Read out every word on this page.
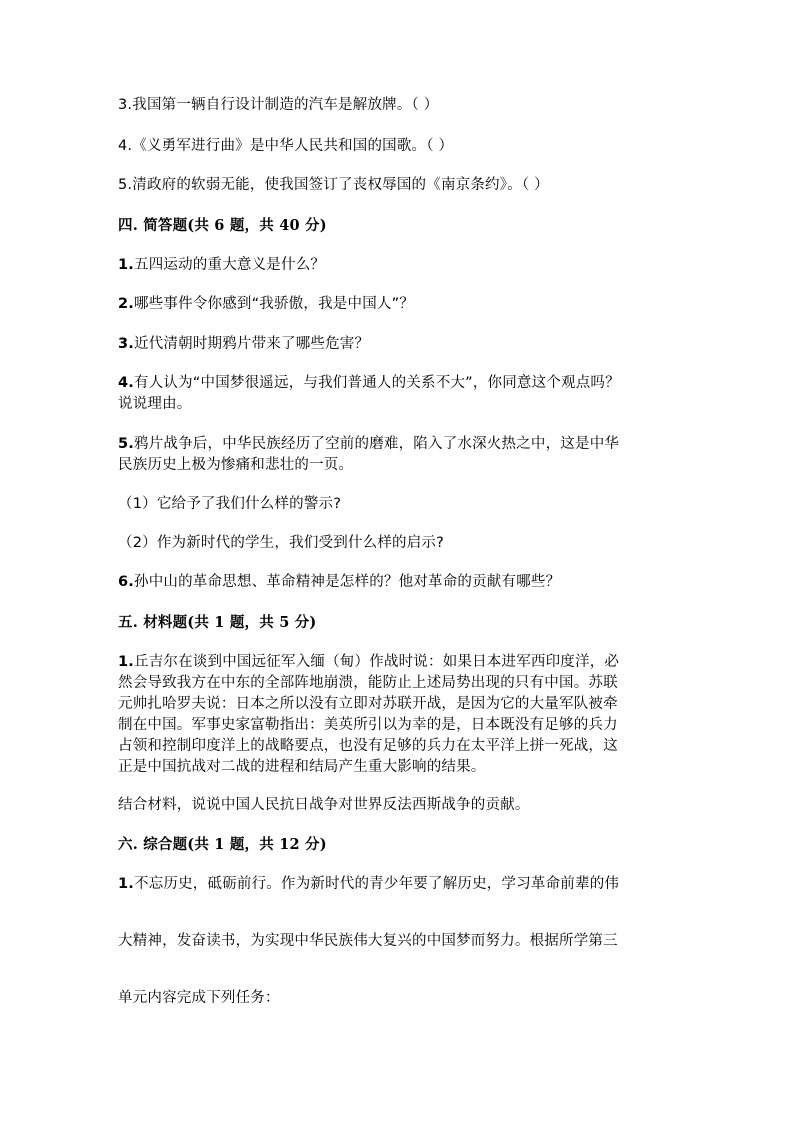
3.我国第一辆自行设计制造的汽车是解放牌。（ ）
4.《义勇军进行曲》是中华人民共和国的国歌。（ ）
5.清政府的软弱无能，使我国签订了丧权辱国的《南京条约》。（ ）
四. 简答题(共 6 题，共 40 分)
1.五四运动的重大意义是什么？
2.哪些事件令你感到“我骄傲，我是中国人”？
3.近代清朝时期鸦片带来了哪些危害？
4.有人认为“中国梦很遥远，与我们普通人的关系不大”，你同意这个观点吗？
说说理由。
5.鸦片战争后，中华民族经历了空前的磨难，陷入了水深火热之中，这是中华
民族历史上极为惨痛和悲壮的一页。
（1）它给予了我们什么样的警示?
（2）作为新时代的学生，我们受到什么样的启示?
6.孙中山的革命思想、革命精神是怎样的？他对革命的贡献有哪些？
五. 材料题(共 1 题，共 5 分)
1.丘吉尔在谈到中国远征军入缅（甸）作战时说：如果日本进军西印度洋，必
然会导致我方在中东的全部阵地崩溃，能防止上述局势出现的只有中国。苏联
元帅扎哈罗夫说：日本之所以没有立即对苏联开战，是因为它的大量军队被牵
制在中国。军事史家富勒指出：美英所引以为幸的是，日本既没有足够的兵力
占领和控制印度洋上的战略要点，也没有足够的兵力在太平洋上拼一死战，这
正是中国抗战对二战的进程和结局产生重大影响的结果。
结合材料，说说中国人民抗日战争对世界反法西斯战争的贡献。
六. 综合题(共 1 题，共 12 分)
1.不忘历史，砥砺前行。作为新时代的青少年要了解历史，学习革命前辈的伟
大精神，发奋读书，为实现中华民族伟大复兴的中国梦而努力。根据所学第三
单元内容完成下列任务：
